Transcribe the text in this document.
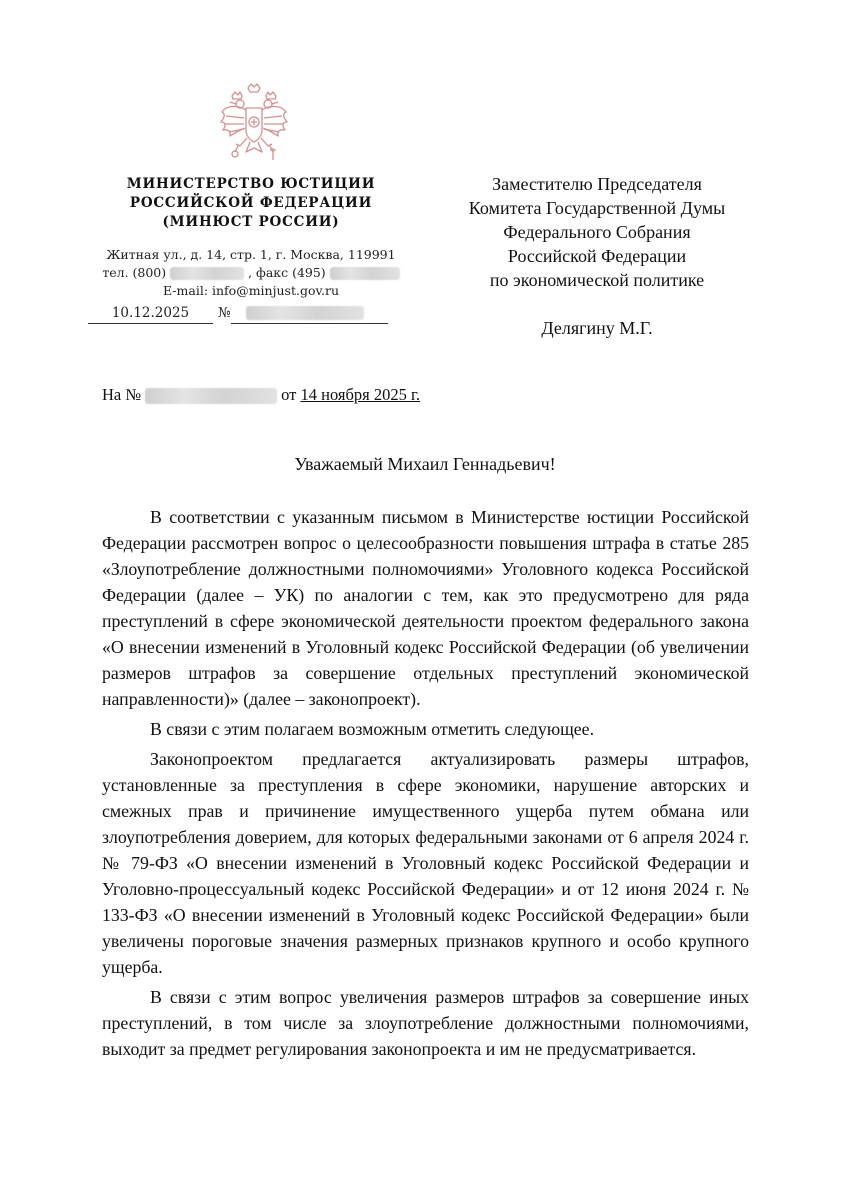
МИНИСТЕРСТВО ЮСТИЦИИ
РОССИЙСКОЙ ФЕДЕРАЦИИ
(МИНЮСТ РОССИИ)
Житная ул., д. 14, стр. 1, г. Москва, 119991
тел. (800)	, факс (495)
E-mail: info@minjust.gov.ru
10.12.2025	№
Заместителю Председателя
Комитета Государственной Думы
Федерального Собрания
Российской Федерации
по экономической политике
Делягину М.Г.
На №	от 14 ноября 2025 г.
Уважаемый Михаил Геннадьевич!

В соответствии с указанным письмом в Министерстве юстиции Российской Федерации рассмотрен вопрос о целесообразности повышения штрафа в статье 285 «Злоупотребление должностными полномочиями» Уголовного кодекса Российской Федерации (далее – УК) по аналогии с тем, как это предусмотрено для ряда преступлений в сфере экономической деятельности проектом федерального закона «О внесении изменений в Уголовный кодекс Российской Федерации (об увеличении размеров штрафов за совершение отдельных преступлений экономической направленности)» (далее – законопроект).

В связи с этим полагаем возможным отметить следующее.

Законопроектом предлагается актуализировать размеры штрафов, установленные за преступления в сфере экономики, нарушение авторских и смежных прав и причинение имущественного ущерба путем обмана или злоупотребления доверием, для которых федеральными законами от 6 апреля 2024 г. № 79-ФЗ «О внесении изменений в Уголовный кодекс Российской Федерации и Уголовно-процессуальный кодекс Российской Федерации» и от 12 июня 2024 г. № 133-ФЗ «О внесении изменений в Уголовный кодекс Российской Федерации» были увеличены пороговые значения размерных признаков крупного и особо крупного ущерба.

В связи с этим вопрос увеличения размеров штрафов за совершение иных преступлений, в том числе за злоупотребление должностными полномочиями, выходит за предмет регулирования законопроекта и им не предусматривается.
